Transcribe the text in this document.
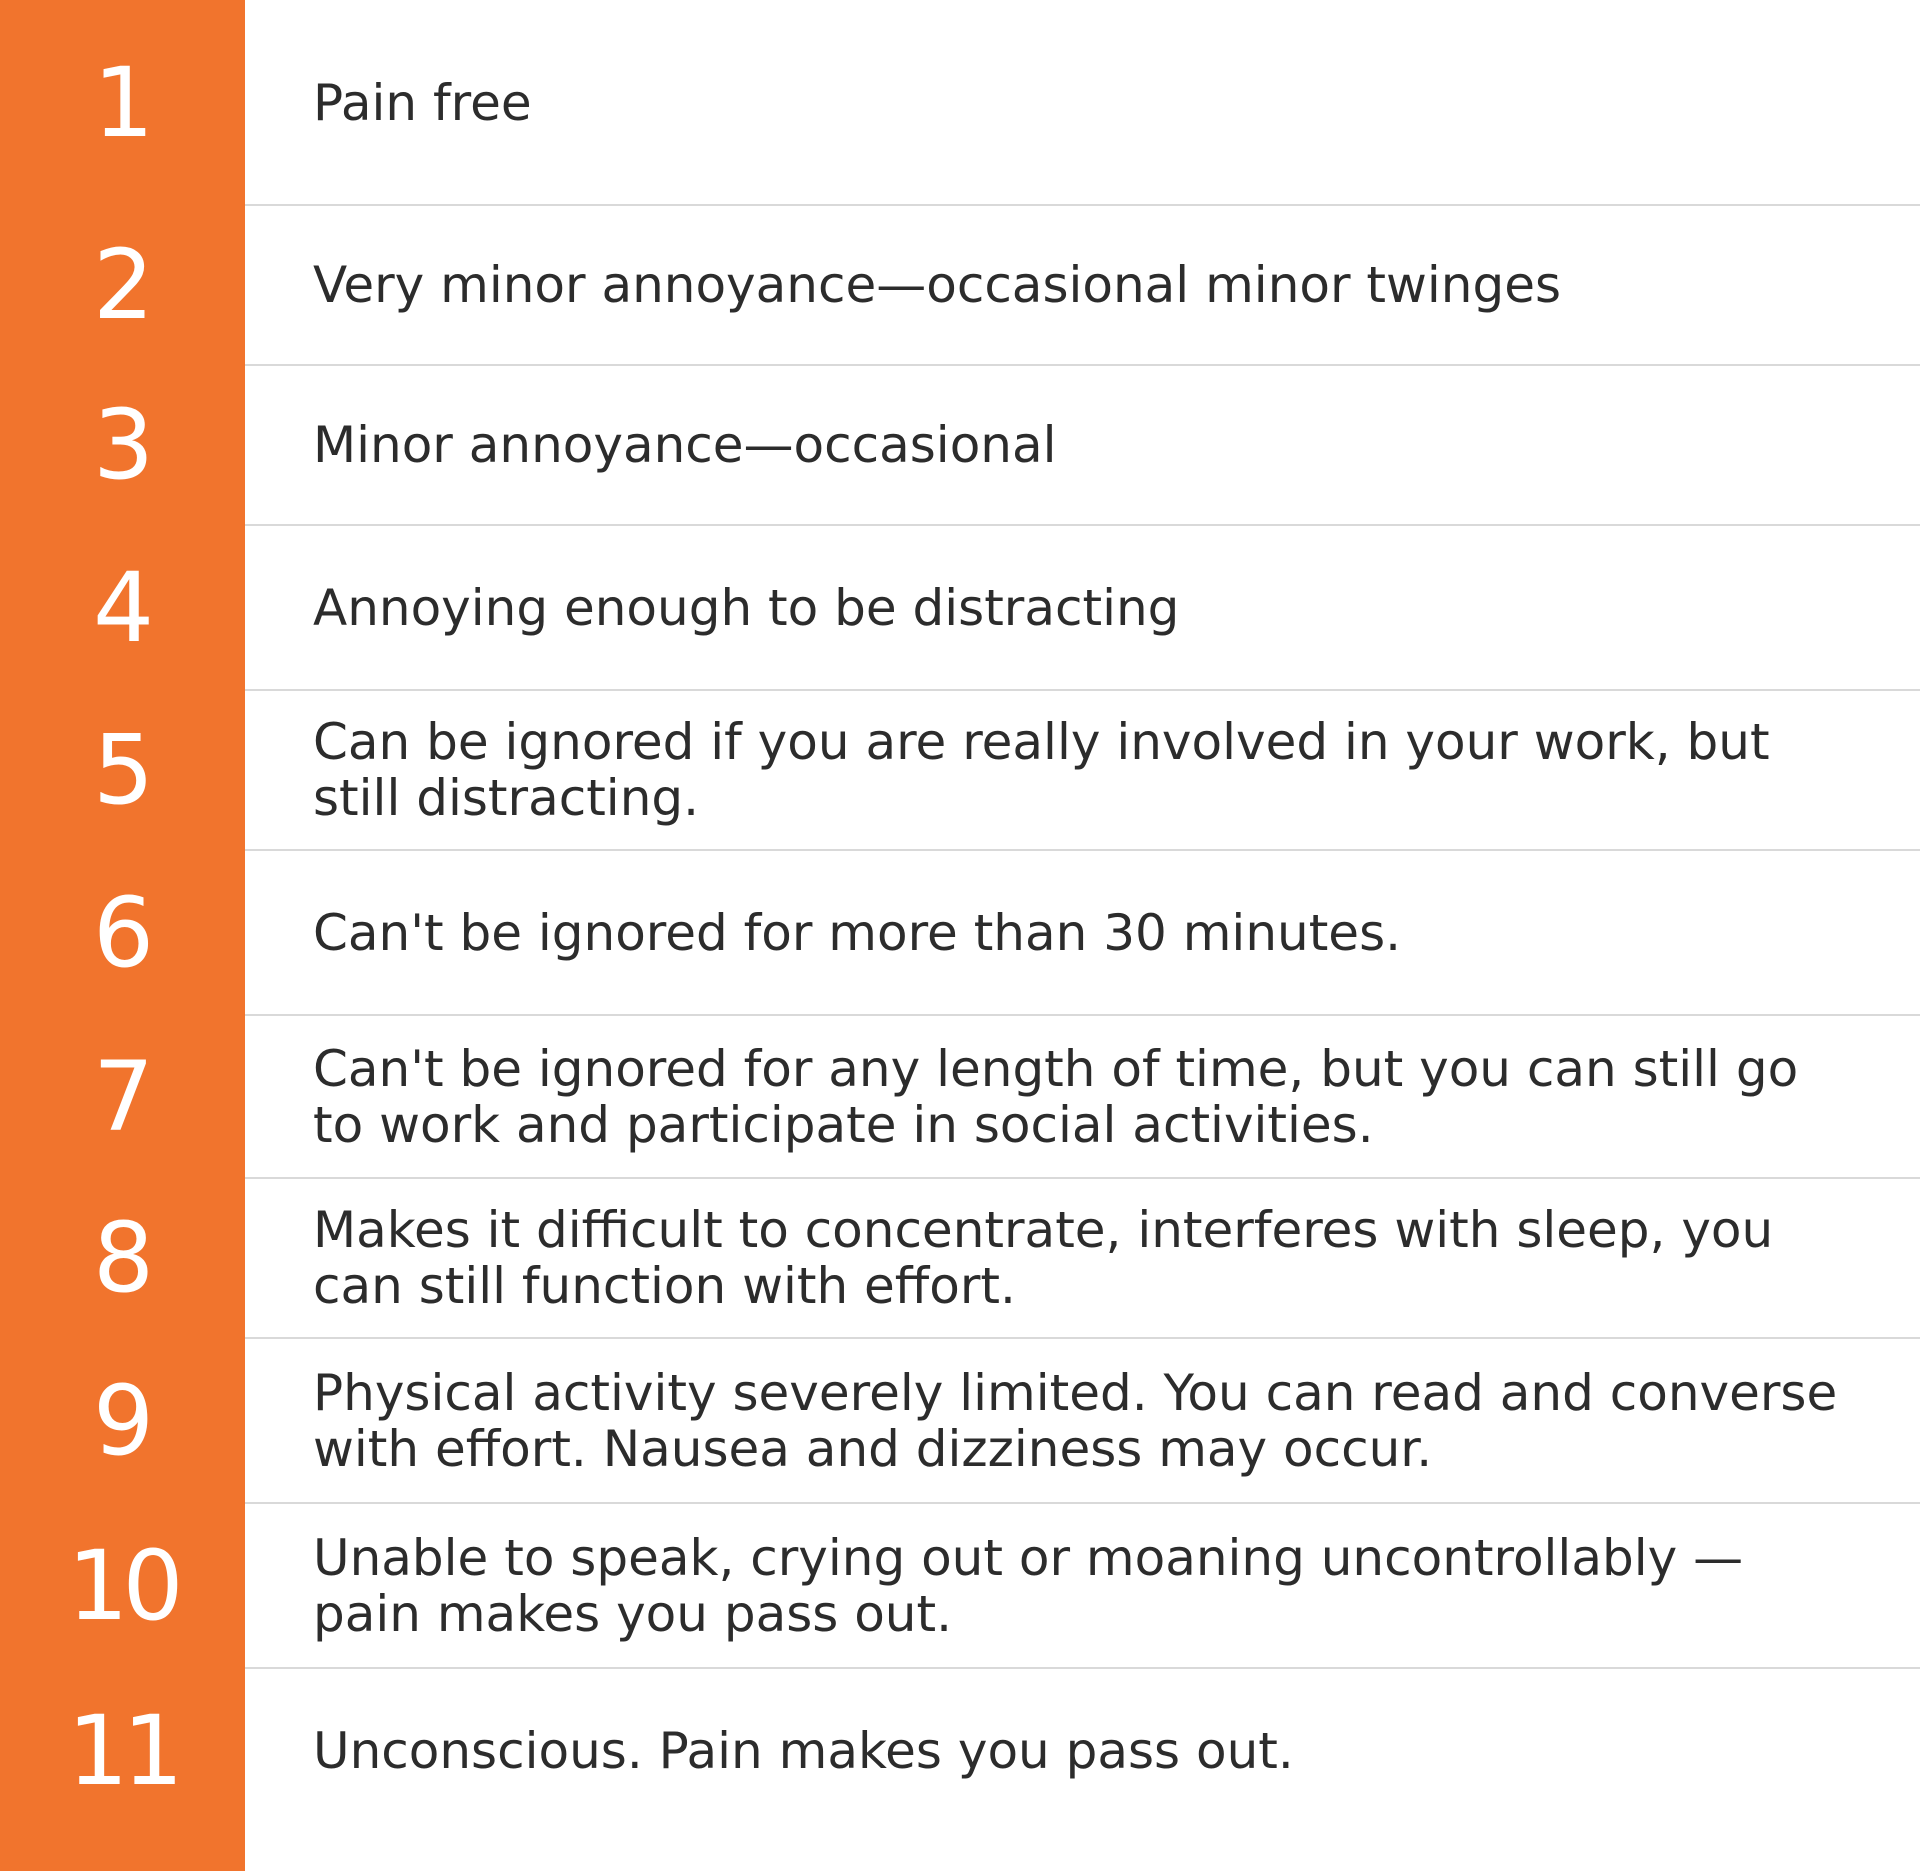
1	Pain free
2	Very minor annoyance—occasional minor twinges
3	Minor annoyance—occasional
4	Annoying enough to be distracting
5	Can be ignored if you are really involved in your work, but still distracting.
6	Can't be ignored for more than 30 minutes.
7	Can't be ignored for any length of time, but you can still go to work and participate in social activities.
8	Makes it difficult to concentrate, interferes with sleep, you can still function with effort.
9	Physical activity severely limited. You can read and converse with effort. Nausea and dizziness may occur.
10	Unable to speak, crying out or moaning uncontrollably —pain makes you pass out.
11	Unconscious. Pain makes you pass out.
